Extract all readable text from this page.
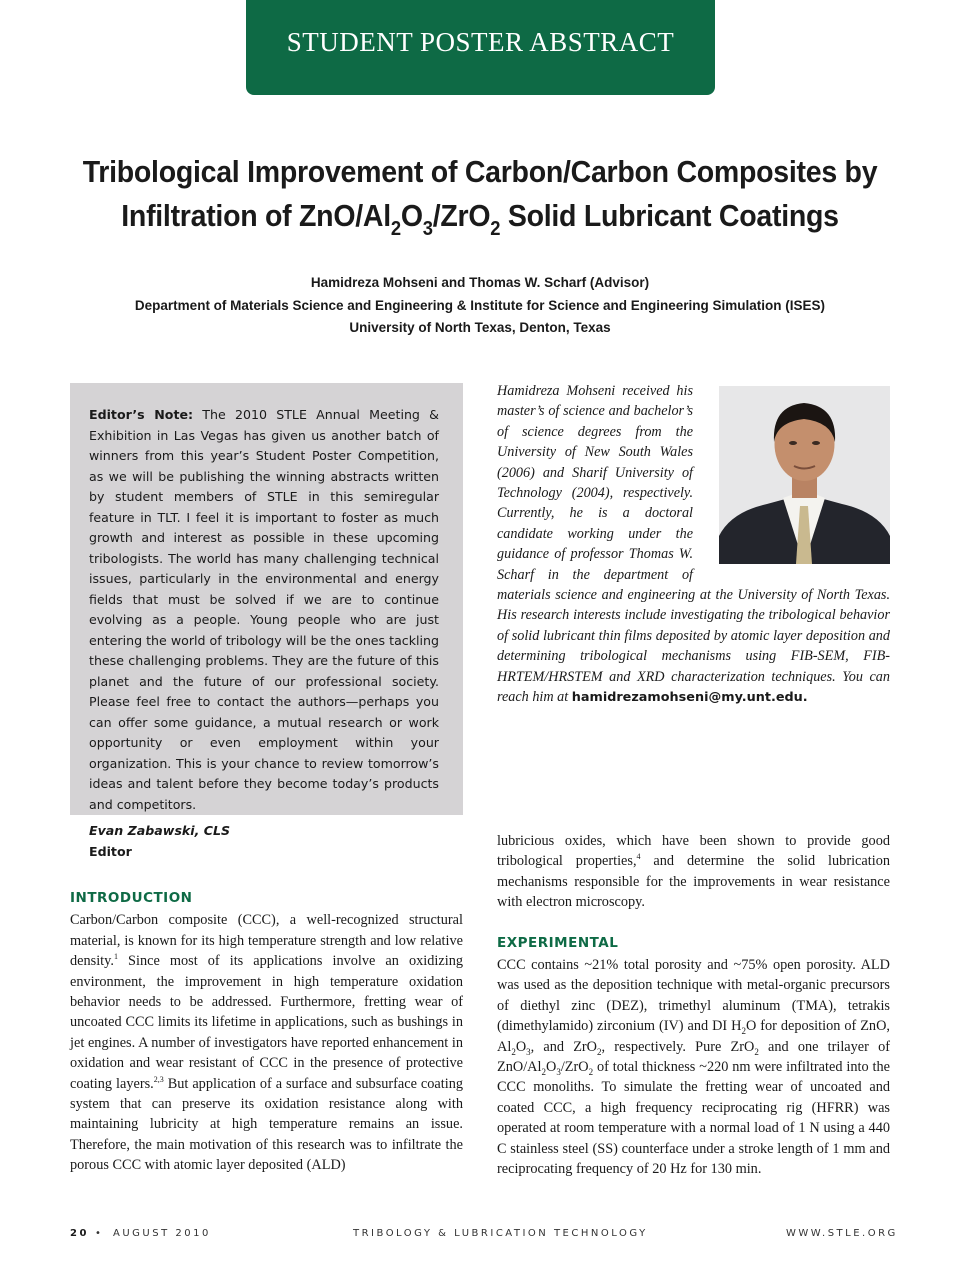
STUDENT POSTER ABSTRACT
Tribological Improvement of Carbon/Carbon Composites by
Infiltration of ZnO/$Al_2O_3/ZrO_2$ Solid Lubricant Coatings
Hamidreza Mohseni and Thomas W. Scharf (Advisor)
Department of Materials Science and Engineering & Institute for Science and Engineering Simulation (ISES)
University of North Texas, Denton, Texas
Editor’s Note: The 2010 STLE Annual Meeting & Exhibition in Las Vegas has given us another batch of winners from this year’s Student Poster Competition, as we will be publishing the winning abstracts written by student members of STLE in this semiregular feature in TLT. I feel it is important to foster as much growth and interest as possible in these upcoming tribologists. The world has many challenging technical issues, particularly in the environmental and energy fields that must be solved if we are to continue evolving as a people. Young people who are just entering the world of tribology will be the ones tackling these challenging problems. They are the future of this planet and the future of our professional society. Please feel free to contact the authors—perhaps you can offer some guidance, a mutual research or work opportunity or even employment within your organization. This is your chance to review tomorrow’s ideas and talent before they become today’s products and competitors.
Evan Zabawski, CLS
Editor
Hamidreza Mohseni received his master’s of science and bachelor’s of science degrees from the University of New South Wales (2006) and Sharif University of Technology (2004), respectively. Currently, he is a doctoral candidate working under the guidance of professor Thomas W. Scharf in the department of materials science and engineering at the University of North Texas. His research interests include investigating the tribological behavior of solid lubricant thin films deposited by atomic layer deposition and determining tribological mechanisms using FIB-SEM, FIB-HRTEM/HRSTEM and XRD characterization techniques. You can reach him at hamidrezamohseni@my.unt.edu.
INTRODUCTION

Carbon/Carbon composite (CCC), a well-recognized structural material, is known for its high temperature strength and low relative density.$^1$ Since most of its applications involve an oxidizing environment, the improvement in high temperature oxidation behavior needs to be addressed. Furthermore, fretting wear of uncoated CCC limits its lifetime in applications, such as bushings in jet engines. A number of investigators have reported enhancement in oxidation and wear resistant of CCC in the presence of protective coating layers.$^{2,3}$ But application of a surface and subsurface coating system that can preserve its oxidation resistance along with maintaining lubricity at high temperature remains an issue. Therefore, the main motivation of this research was to infiltrate the porous CCC with atomic layer deposited (ALD)

lubricious oxides, which have been shown to provide good tribological properties,$^4$ and determine the solid lubrication mechanisms responsible for the improvements in wear resistance with electron microscopy.

EXPERIMENTAL

CCC contains ~21% total porosity and ~75% open porosity. ALD was used as the deposition technique with metal-organic precursors of diethyl zinc (DEZ), trimethyl aluminum (TMA), tetrakis (dimethylamido) zirconium (IV) and DI $H_2O$ for deposition of ZnO, $Al_2O_3$, and ZrO$_2$, respectively. Pure ZrO$_2$ and one trilayer of ZnO/$Al_2O_3/ZrO_2$ of total thickness ~220 nm were infiltrated into the CCC monoliths. To simulate the fretting wear of uncoated and coated CCC, a high frequency reciprocating rig (HFRR) was operated at room temperature with a normal load of 1 N using a 440 C stainless steel (SS) counterface under a stroke length of 1 mm and reciprocating frequency of 20 Hz for 130 min.

20 • AUGUST 2010	TRIBOLOGY & LUBRICATION TECHNOLOGY	WWW.STLE.ORG
